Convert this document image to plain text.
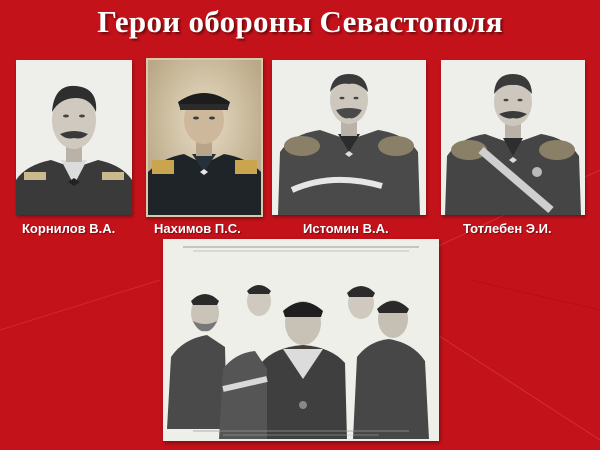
Герои обороны Севастополя
Корнилов В.А.	Нахимов П.С.	Истомин В.А.	Тотлебен Э.И.
